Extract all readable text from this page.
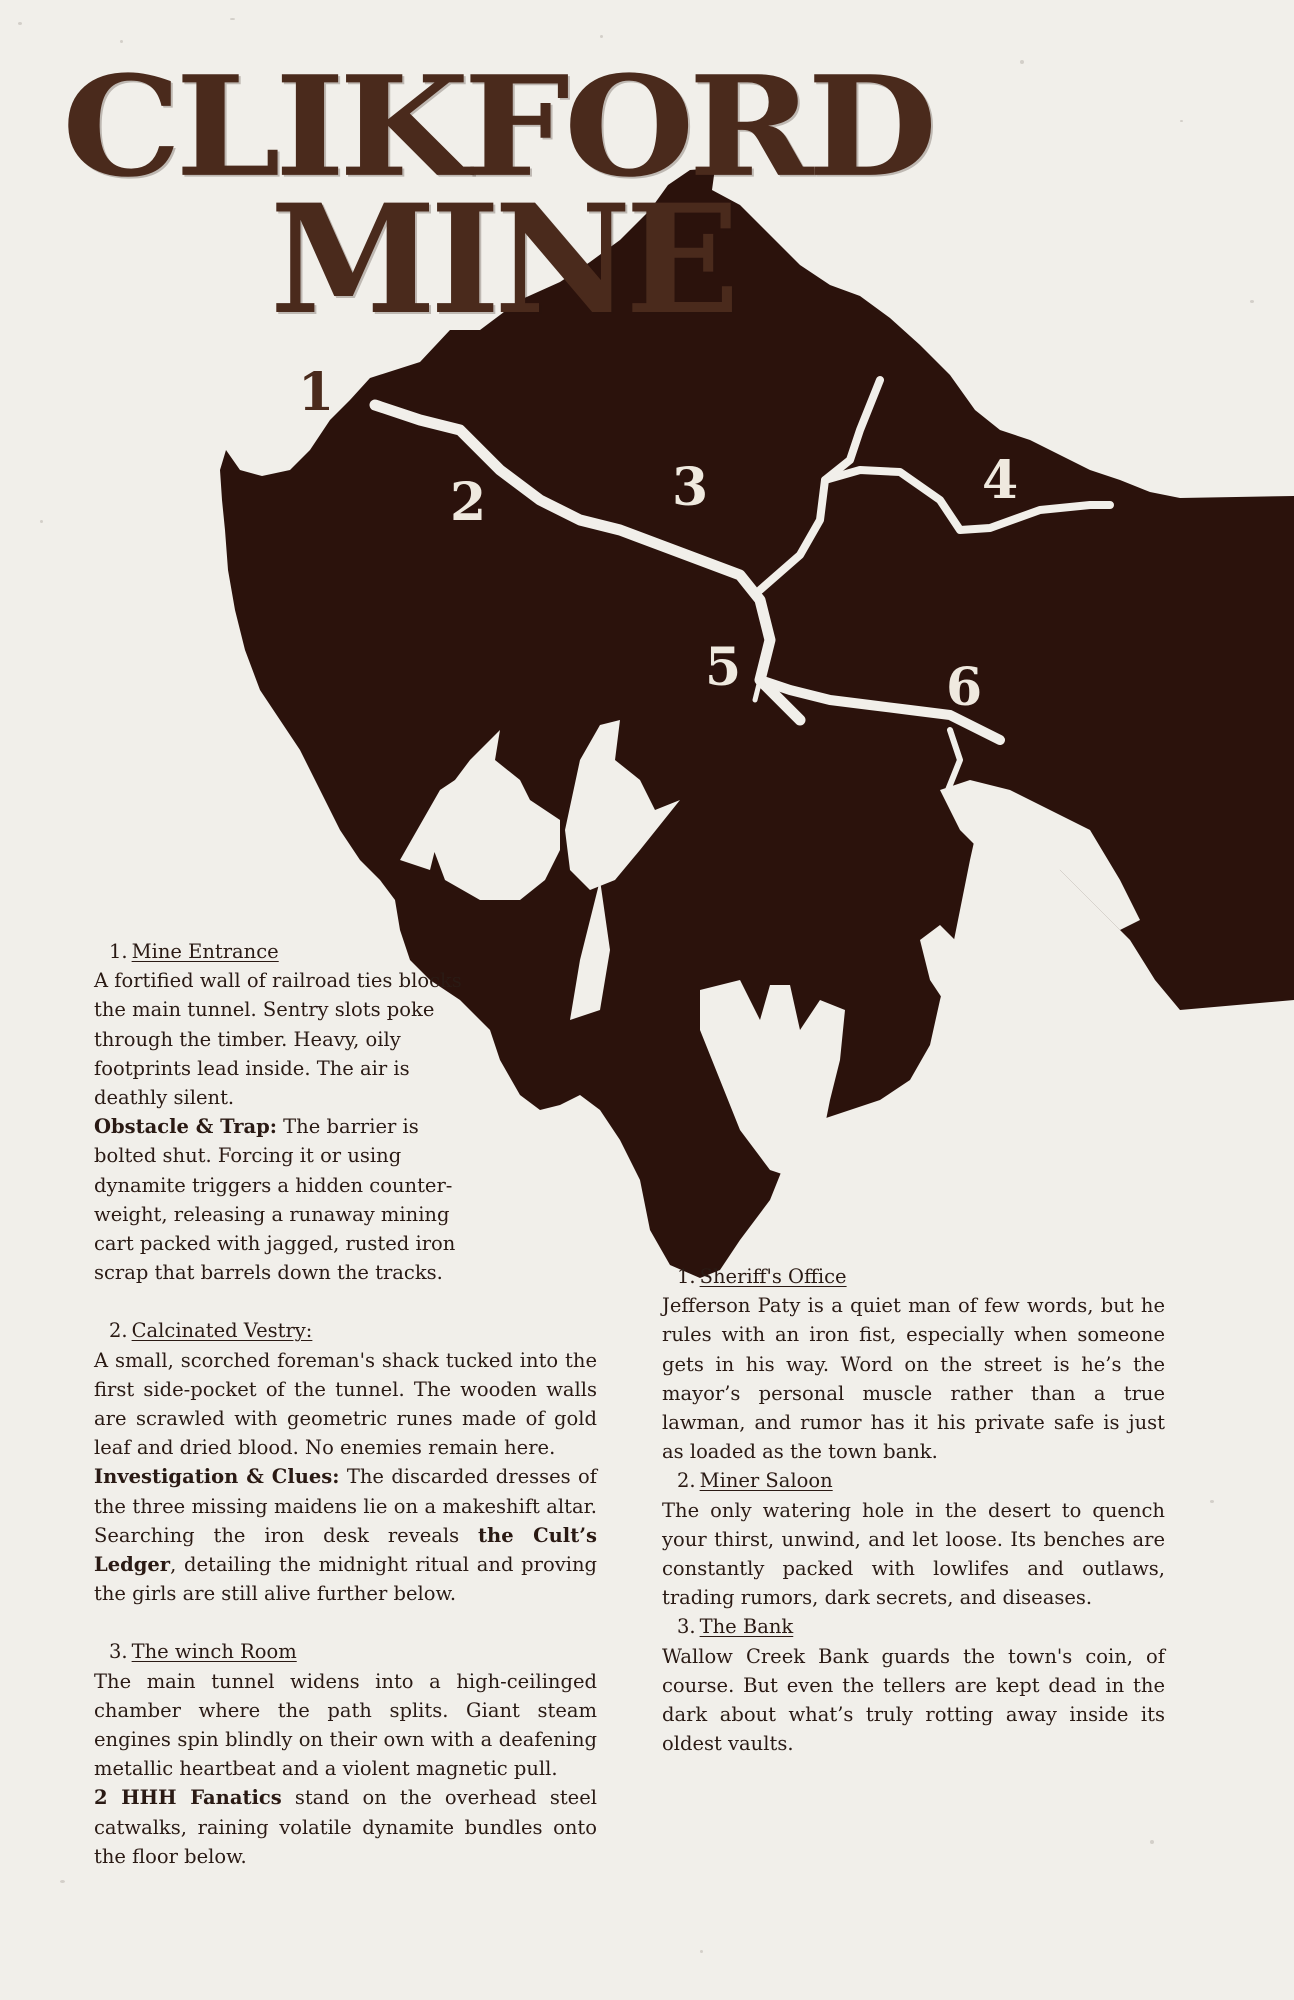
1
2	3	4
5	6
CLIKFORD
MINE
1. Mine Entrance
A fortified wall of railroad ties blocks the main tunnel. Sentry slots poke through the timber. Heavy, oily footprints lead inside. The air is deathly silent.
Obstacle & Trap: The barrier is bolted shut. Forcing it or using dynamite triggers a hidden counter-weight, releasing a runaway mining cart packed with jagged, rusted iron scrap that barrels down the tracks.
2. Calcinated Vestry:
A small, scorched foreman's shack tucked into the first side-pocket of the tunnel. The wooden walls are scrawled with geometric runes made of gold leaf and dried blood. No enemies remain here.
Investigation & Clues: The discarded dresses of the three missing maidens lie on a makeshift altar. Searching the iron desk reveals the Cult’s Ledger, detailing the midnight ritual and proving the girls are still alive further below.
3. The winch Room
The main tunnel widens into a high-ceilinged chamber where the path splits. Giant steam engines spin blindly on their own with a deafening metallic heartbeat and a violent magnetic pull.
2 HHH Fanatics stand on the overhead steel catwalks, raining volatile dynamite bundles onto the floor below.
1. Sheriff's Office
Jefferson Paty is a quiet man of few words, but he rules with an iron fist, especially when someone gets in his way. Word on the street is he’s the mayor’s personal muscle rather than a true lawman, and rumor has it his private safe is just as loaded as the town bank.
2. Miner Saloon
The only watering hole in the desert to quench your thirst, unwind, and let loose. Its benches are constantly packed with lowlifes and outlaws, trading rumors, dark secrets, and diseases.
3. The Bank
Wallow Creek Bank guards the town's coin, of course. But even the tellers are kept dead in the dark about what’s truly rotting away inside its oldest vaults.
